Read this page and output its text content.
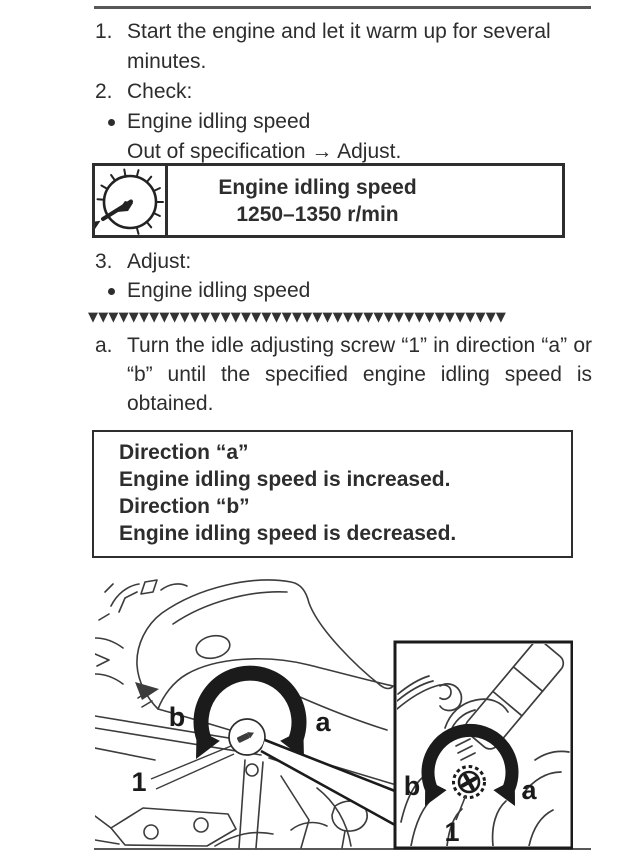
1. Start the engine and let it warm up for several minutes.
2. Check:
Engine idling speed
Out of specification → Adjust.
Engine idling speed
1250–1350 r/min
3. Adjust:
Engine idling speed
▼▼▼▼▼▼▼▼▼▼▼▼▼▼▼▼▼▼▼▼▼▼▼▼▼▼▼▼▼▼▼▼▼▼▼▼▼▼▼▼▼
a. Turn the idle adjusting screw “1” in direction “a” or “b” until the specified engine idling speed is obtained.
Direction “a”
Engine idling speed is increased.
Direction “b”
Engine idling speed is decreased.
b	a
1	b	a
1
